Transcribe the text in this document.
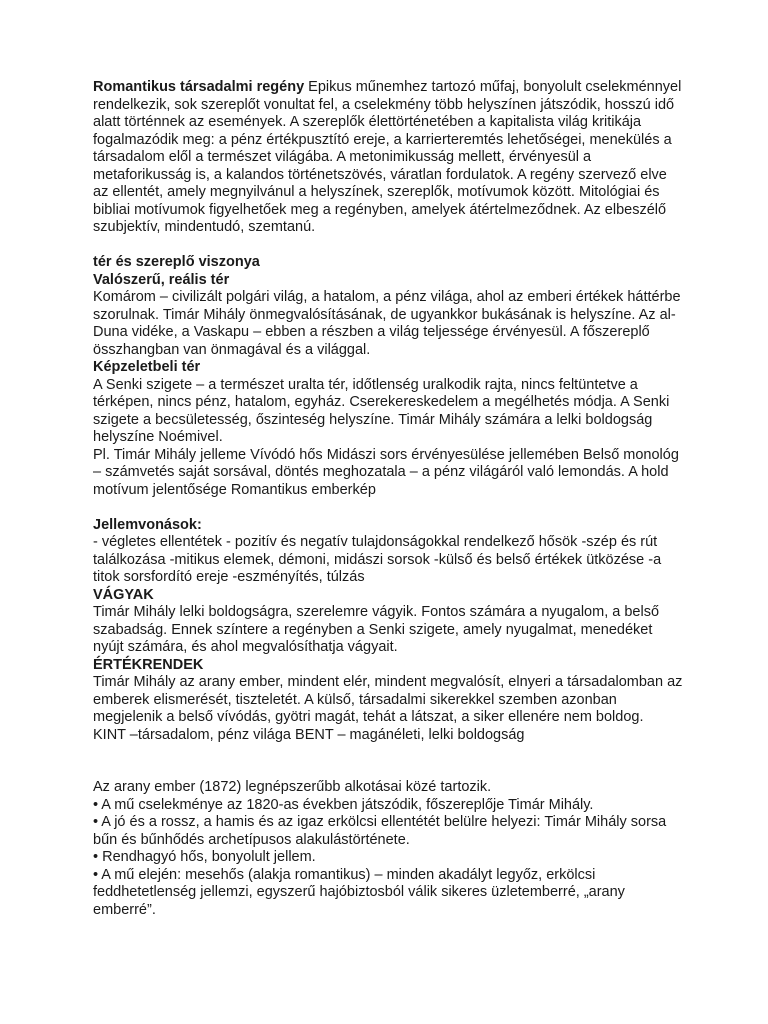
Romantikus társadalmi regény Epikus műnemhez tartozó műfaj, bonyolult cselekménnyel rendelkezik, sok szereplőt vonultat fel, a cselekmény több helyszínen játszódik, hosszú idő alatt történnek az események. A szereplők élettörténetében a kapitalista világ kritikája fogalmazódik meg: a pénz értékpusztító ereje, a karrierteremtés lehetőségei, menekülés a társadalom elől a természet világába. A metonimikusság mellett, érvényesül a metaforikusság is, a kalandos történetszövés, váratlan fordulatok. A regény szervező elve az ellentét, amely megnyilvánul a helyszínek, szereplők, motívumok között. Mitológiai és bibliai motívumok figyelhetőek meg a regényben, amelyek átértelmeződnek. Az elbeszélő szubjektív, mindentudó, szemtanú.

tér és szereplő viszonya

Valószerű, reális tér

Komárom – civilizált polgári világ, a hatalom, a pénz világa, ahol az emberi értékek háttérbe szorulnak. Timár Mihály önmegvalósításának, de ugyankkor bukásának is helyszíne. Az al-Duna vidéke, a Vaskapu – ebben a részben a világ teljessége érvényesül. A főszereplő összhangban van önmagával és a világgal.

Képzeletbeli tér

A Senki szigete – a természet uralta tér, időtlenség uralkodik rajta, nincs feltüntetve a térképen, nincs pénz, hatalom, egyház. Cserekereskedelem a megélhetés módja. A Senki szigete a becsületesség, őszinteség helyszíne. Timár Mihály számára a lelki boldogság helyszíne Noémivel.

Pl. Timár Mihály jelleme Vívódó hős Midászi sors érvényesülése jellemében Belső monológ – számvetés saját sorsával, döntés meghozatala – a pénz világáról való lemondás. A hold motívum jelentősége Romantikus emberkép

Jellemvonások:

- végletes ellentétek - pozitív és negatív tulajdonságokkal rendelkező hősök -szép és rút találkozása -mitikus elemek, démoni, midászi sorsok -külső és belső értékek ütközése -a titok sorsfordító ereje -eszményítés, túlzás

VÁGYAK

Timár Mihály lelki boldogságra, szerelemre vágyik. Fontos számára a nyugalom, a belső szabadság. Ennek színtere a regényben a Senki szigete, amely nyugalmat, menedéket nyújt számára, és ahol megvalósíthatja vágyait.

ÉRTÉKRENDEK

Timár Mihály az arany ember, mindent elér, mindent megvalósít, elnyeri a társadalomban az emberek elismerését, tiszteletét. A külső, társadalmi sikerekkel szemben azonban megjelenik a belső vívódás, gyötri magát, tehát a látszat, a siker ellenére nem boldog.

KINT –társadalom, pénz világa BENT – magánéleti, lelki boldogság

Az arany ember (1872) legnépszerűbb alkotásai közé tartozik.

• A mű cselekménye az 1820-as években játszódik, főszereplője Timár Mihály.

• A jó és a rossz, a hamis és az igaz erkölcsi ellentétét belülre helyezi: Timár Mihály sorsa bűn és bűnhődés archetípusos alakulástörténete.

• Rendhagyó hős, bonyolult jellem.

• A mű elején: mesehős (alakja romantikus) – minden akadályt legyőz, erkölcsi feddhetetlenség jellemzi, egyszerű hajóbiztosból válik sikeres üzletemberré, „arany emberré”.
